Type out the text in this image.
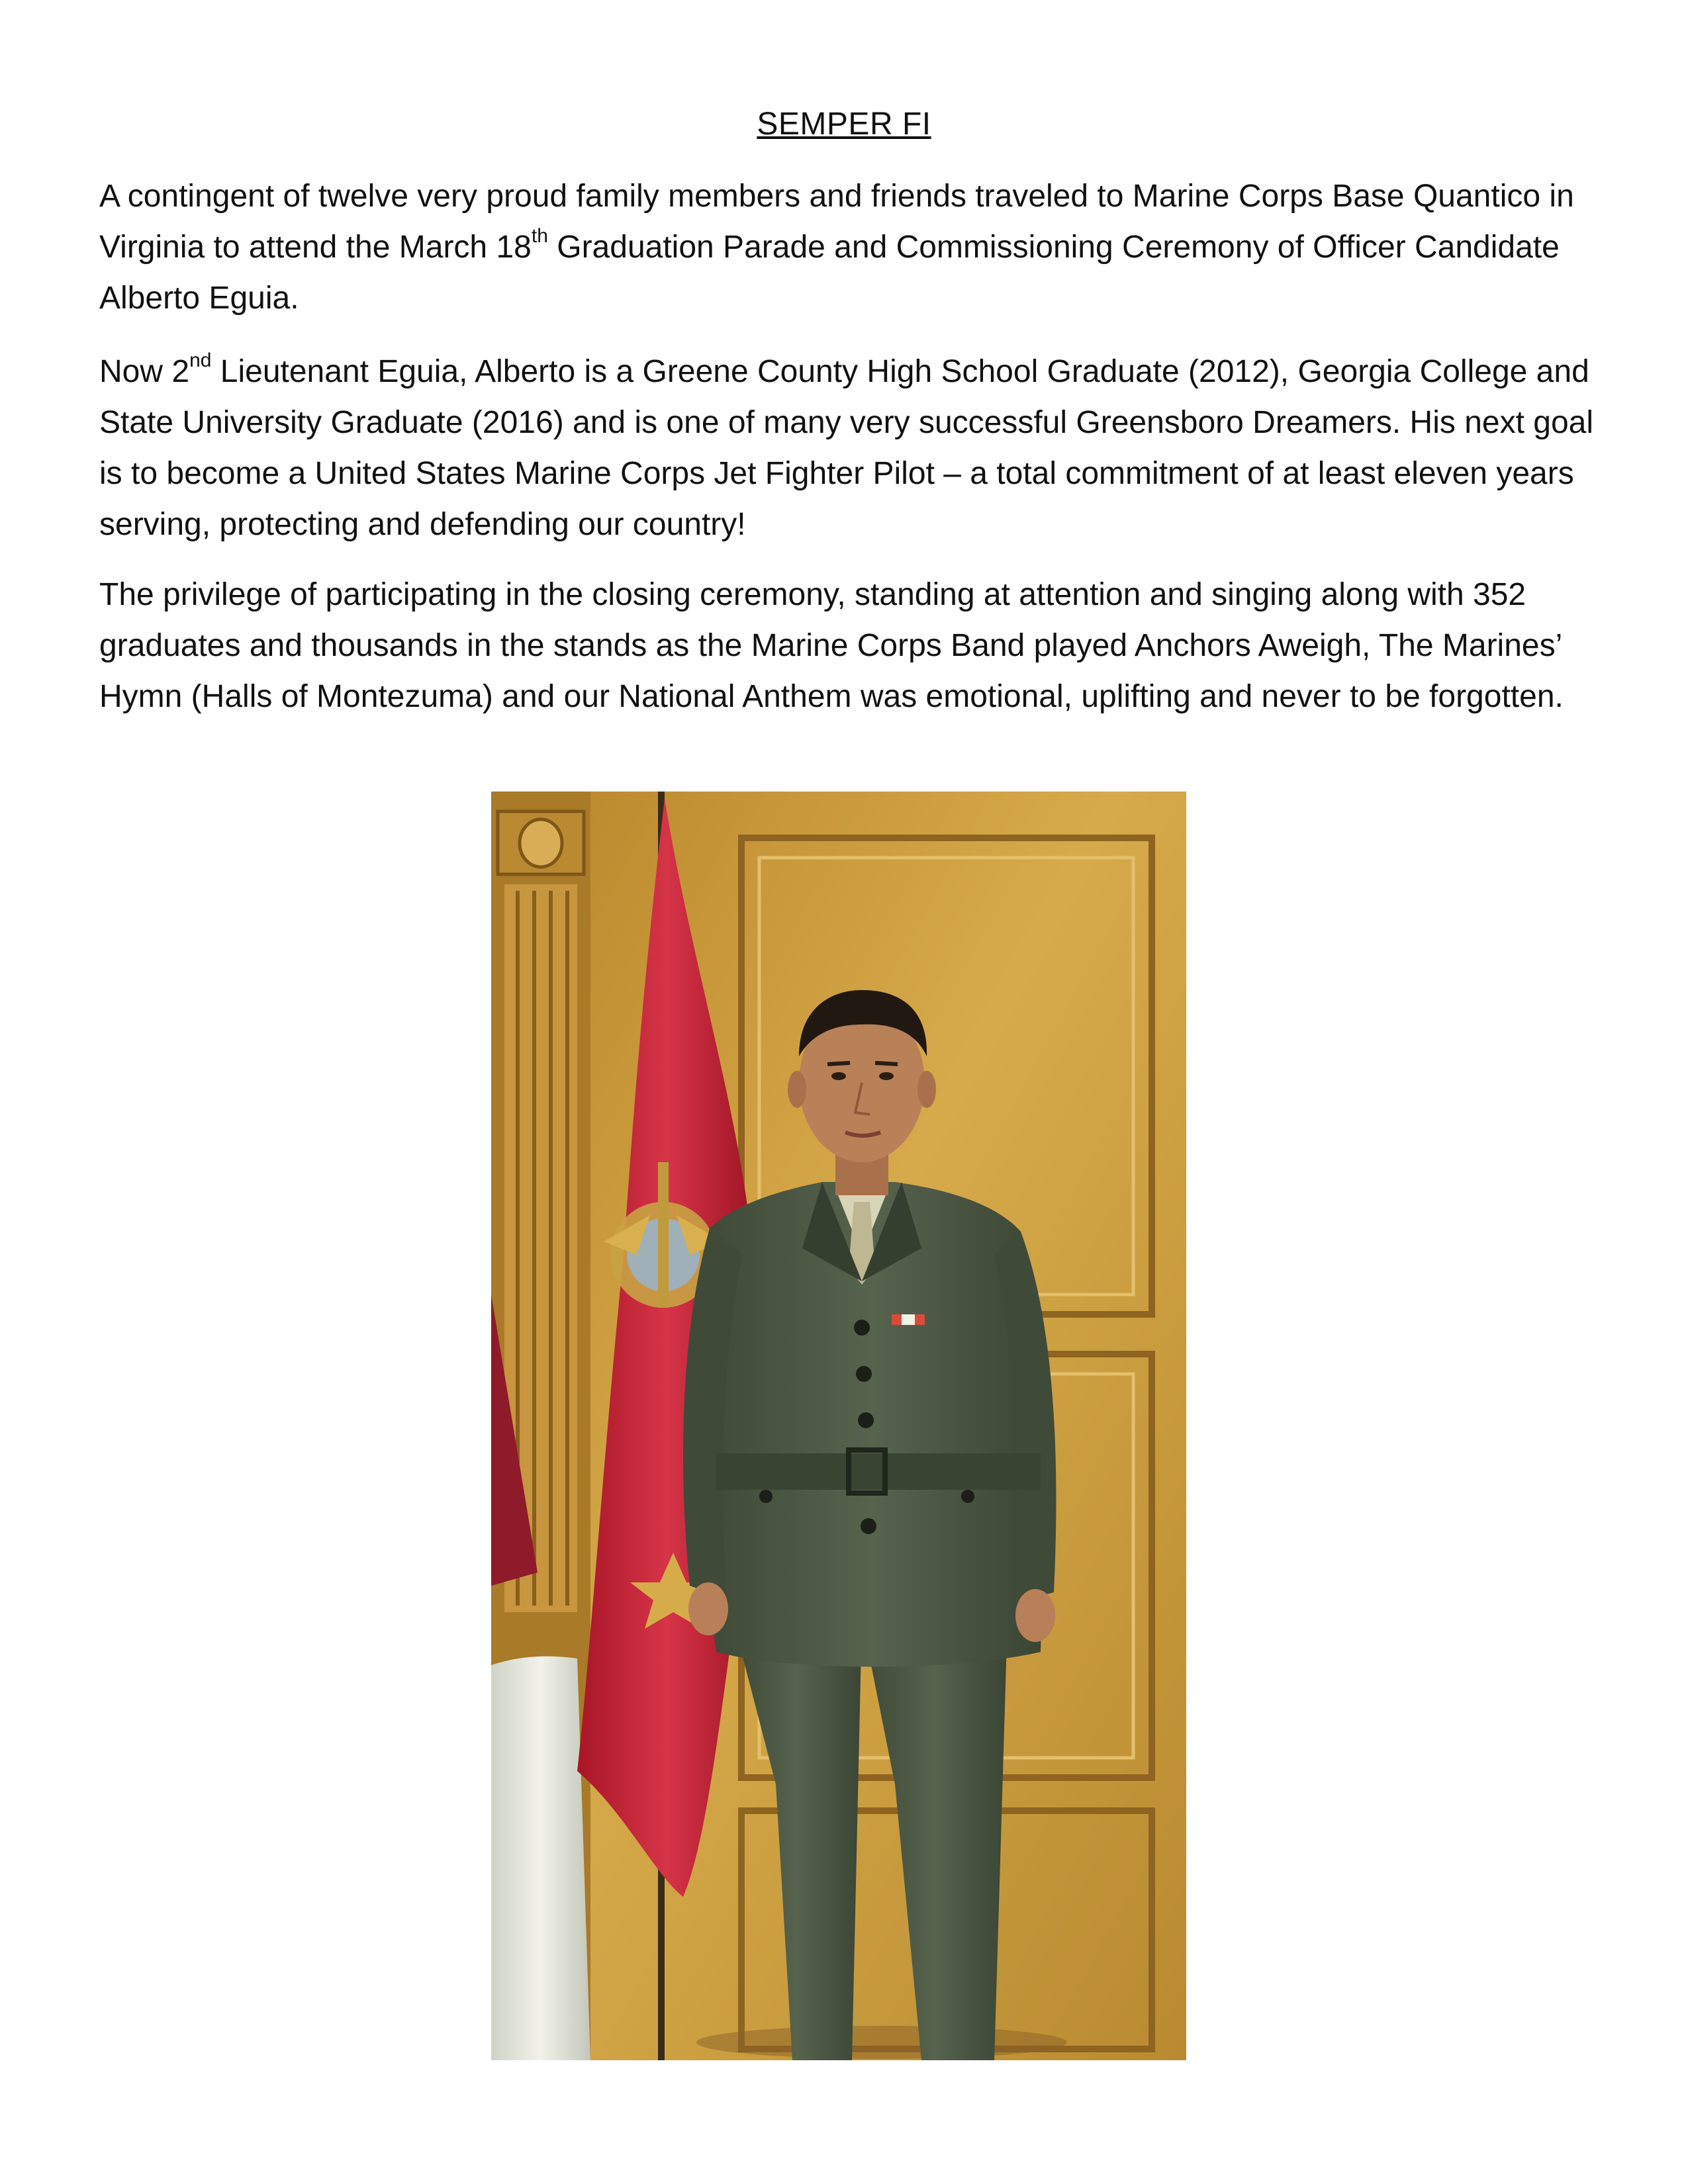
SEMPER FI

A contingent of twelve very proud family members and friends traveled to Marine Corps Base Quantico in Virginia to attend the March 18th Graduation Parade and Commissioning Ceremony of Officer Candidate Alberto Eguia.

Now 2nd Lieutenant Eguia, Alberto is a Greene County High School Graduate (2012), Georgia College and State University Graduate (2016) and is one of many very successful Greensboro Dreamers. His next goal is to become a United States Marine Corps Jet Fighter Pilot – a total commitment of at least eleven years serving, protecting and defending our country!

The privilege of participating in the closing ceremony, standing at attention and singing along with 352 graduates and thousands in the stands as the Marine Corps Band played Anchors Aweigh, The Marines’ Hymn (Halls of Montezuma) and our National Anthem was emotional, uplifting and never to be forgotten.
